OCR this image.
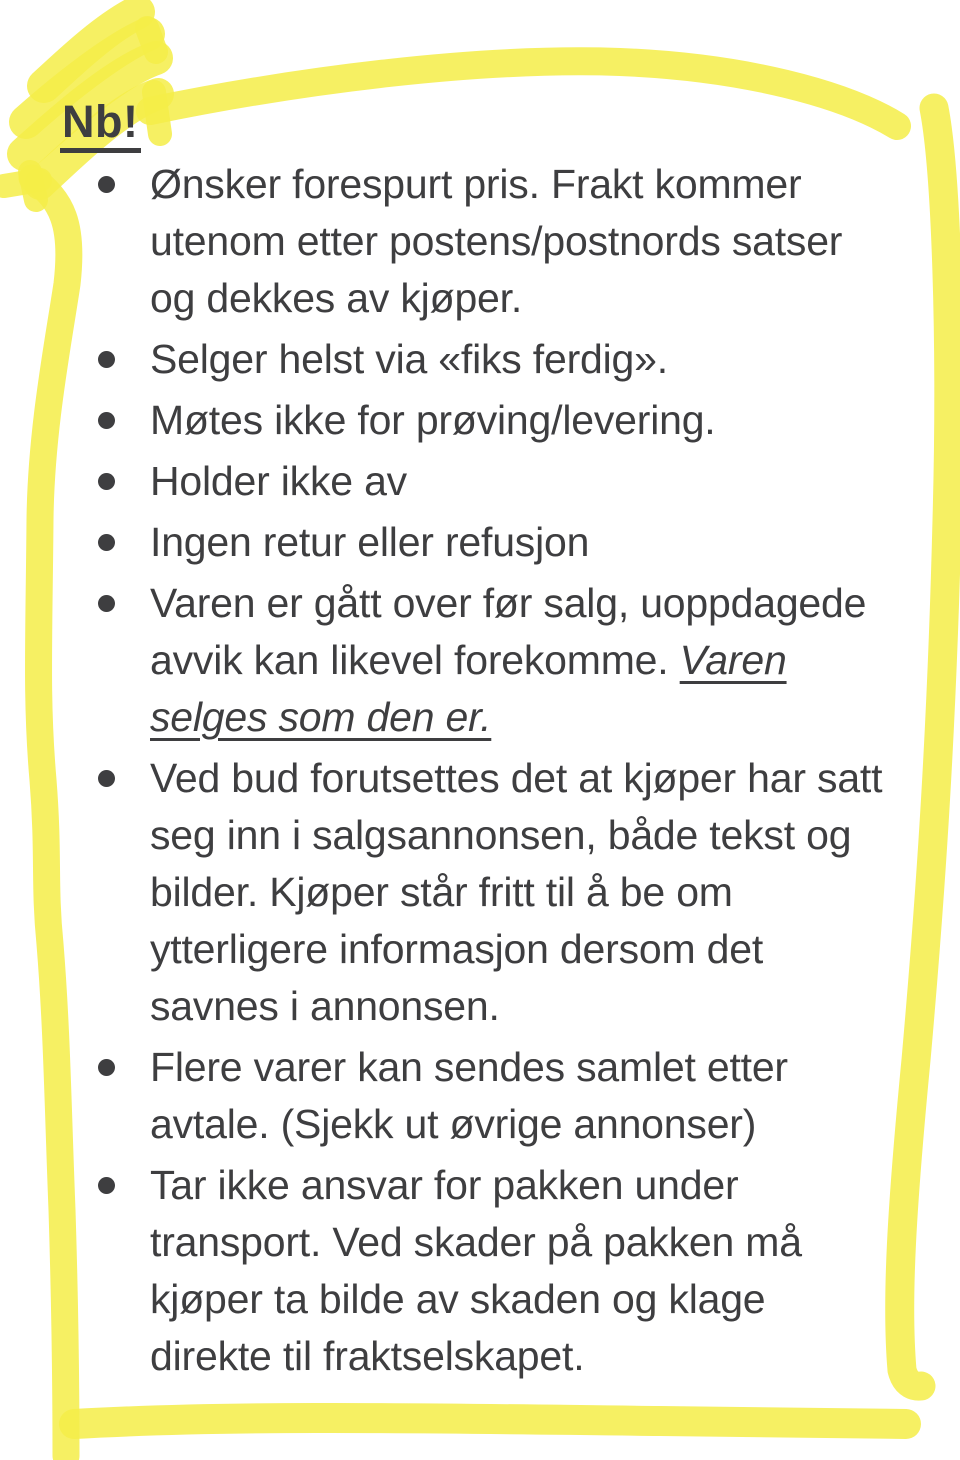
Nb!
Ønsker forespurt pris. Frakt kommer utenom etter postens/postnords satser og dekkes av kjøper.
Selger helst via «fiks ferdig».
Møtes ikke for prøving/levering.
Holder ikke av
Ingen retur eller refusjon
Varen er gått over før salg, uoppdagede avvik kan likevel forekomme. Varen selges som den er.
Ved bud forutsettes det at kjøper har satt seg inn i salgsannonsen, både tekst og bilder. Kjøper står fritt til å be om ytterligere informasjon dersom det savnes i annonsen.
Flere varer kan sendes samlet etter avtale. (Sjekk ut øvrige annonser)
Tar ikke ansvar for pakken under transport. Ved skader på pakken må kjøper ta bilde av skaden og klage direkte til fraktselskapet.
